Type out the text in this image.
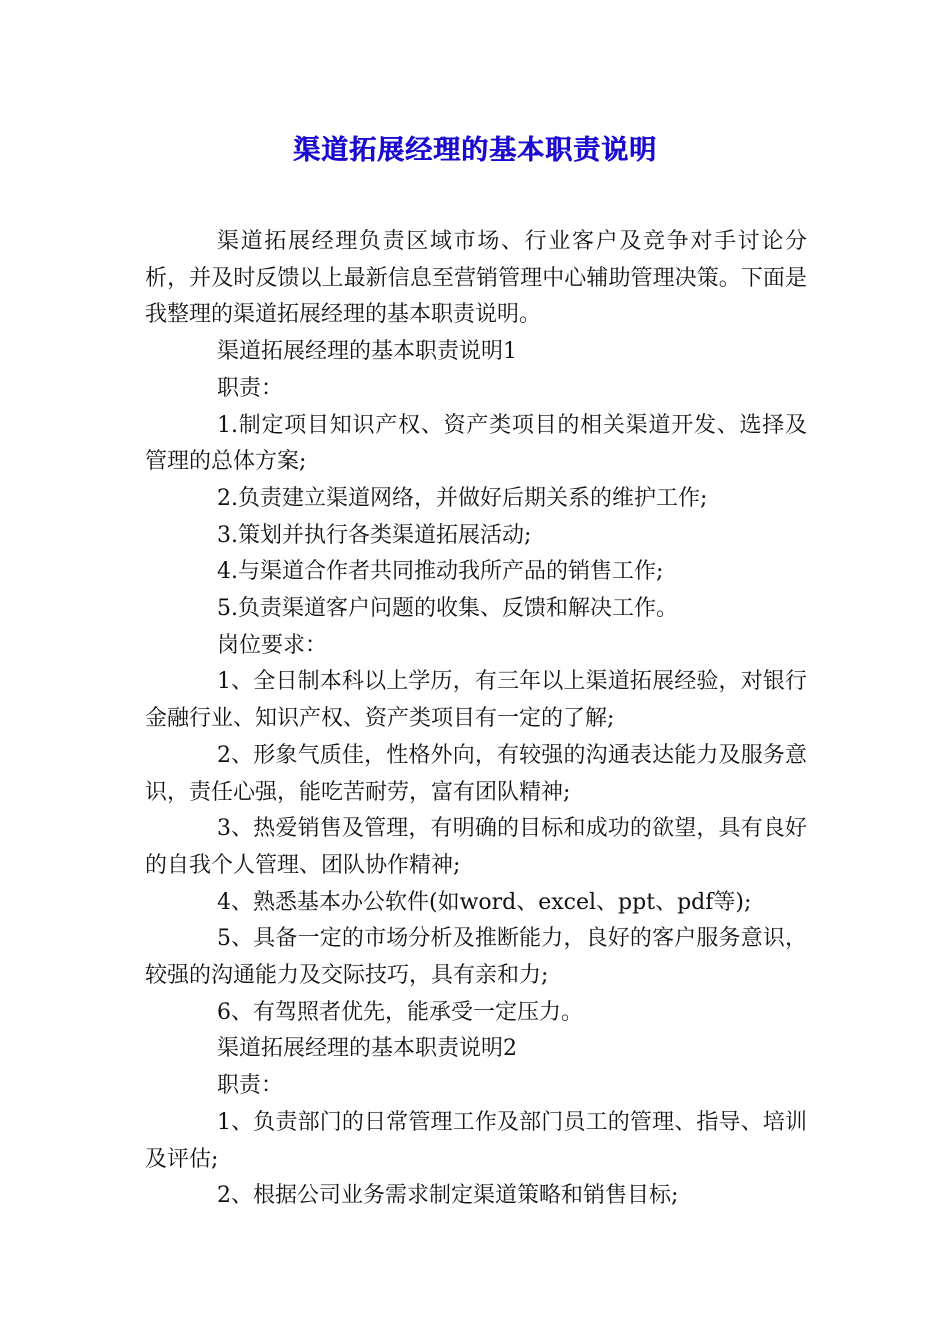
渠道拓展经理的基本职责说明

渠道拓展经理负责区域市场、行业客户及竞争对手讨论分析，并及时反馈以上最新信息至营销管理中心辅助管理决策。下面是我整理的渠道拓展经理的基本职责说明。

渠道拓展经理的基本职责说明1

职责：

1.制定项目知识产权、资产类项目的相关渠道开发、选择及管理的总体方案;

2.负责建立渠道网络，并做好后期关系的维护工作;

3.策划并执行各类渠道拓展活动;

4.与渠道合作者共同推动我所产品的销售工作;

5.负责渠道客户问题的收集、反馈和解决工作。

岗位要求：

1、全日制本科以上学历，有三年以上渠道拓展经验，对银行金融行业、知识产权、资产类项目有一定的了解;

2、形象气质佳，性格外向，有较强的沟通表达能力及服务意识，责任心强，能吃苦耐劳，富有团队精神;

3、热爱销售及管理，有明确的目标和成功的欲望，具有良好的自我个人管理、团队协作精神;

4、熟悉基本办公软件(如word、excel、ppt、pdf等);

5、具备一定的市场分析及推断能力，良好的客户服务意识，较强的沟通能力及交际技巧，具有亲和力;

6、有驾照者优先，能承受一定压力。

渠道拓展经理的基本职责说明2

职责：

1、负责部门的日常管理工作及部门员工的管理、指导、培训及评估;

2、根据公司业务需求制定渠道策略和销售目标;
